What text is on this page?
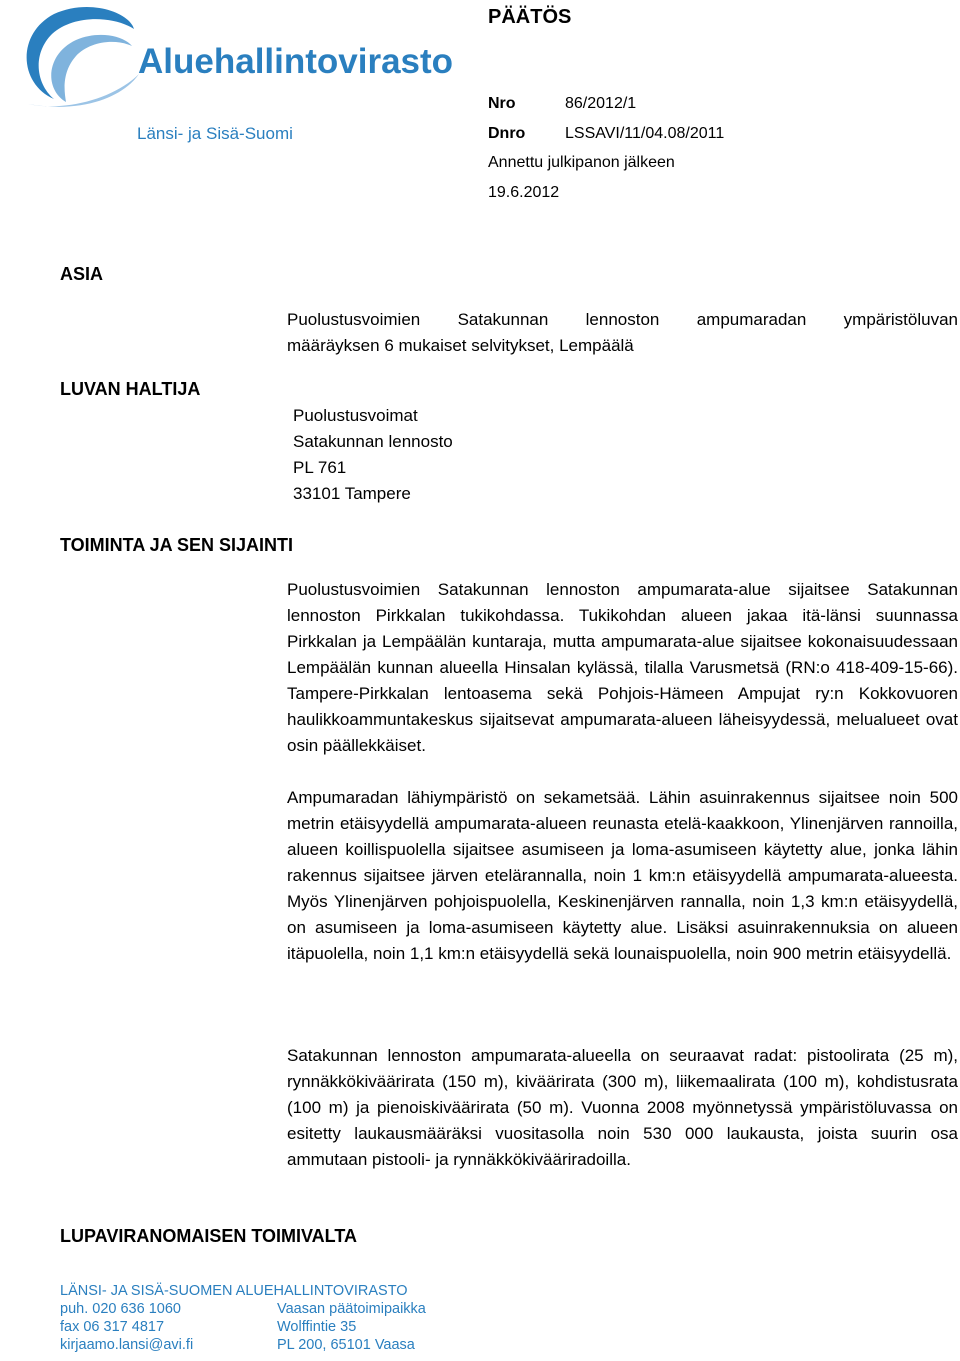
Aluehallintovirasto
Länsi- ja Sisä-Suomi
PÄÄTÖS
Nro	86/2012/1
Dnro LSSAVI/11/04.08/2011
Annettu julkipanon jälkeen
19.6.2012
ASIA
Puolustusvoimien Satakunnan lennoston ampumaradan ympäristöluvan
määräyksen 6 mukaiset selvitykset, Lempäälä
LUVAN HALTIJA
Puolustusvoimat
Satakunnan lennosto
PL 761
33101 Tampere
TOIMINTA JA SEN SIJAINTI
Puolustusvoimien Satakunnan lennoston ampumarata-alue sijaitsee Satakunnan lennoston Pirkkalan tukikohdassa. Tukikohdan alueen jakaa itä-länsi suunnassa Pirkkalan ja Lempäälän kuntaraja, mutta ampumarata-alue sijaitsee kokonaisuudessaan Lempäälän kunnan alueella Hinsalan kylässä, tilalla Varusmetsä (RN:o 418-409-15-66). Tampere-Pirkkalan lentoasema sekä Pohjois-Hämeen Ampujat ry:n Kokkovuoren haulikkoammuntakeskus sijaitsevat ampumarata-alueen läheisyydessä, melualueet ovat osin päällekkäiset.
Ampumaradan lähiympäristö on sekametsää. Lähin asuinrakennus sijaitsee noin 500 metrin etäisyydellä ampumarata-alueen reunasta etelä-kaakkoon, Ylinenjärven rannoilla, alueen koillispuolella sijaitsee asumiseen ja loma-asumiseen käytetty alue, jonka lähin rakennus sijaitsee järven etelärannalla, noin 1 km:n etäisyydellä ampumarata-alueesta. Myös Ylinenjärven pohjoispuolella, Keskinenjärven rannalla, noin 1,3 km:n etäisyydellä, on asumiseen ja loma-asumiseen käytetty alue. Lisäksi asuinrakennuksia on alueen itäpuolella, noin 1,1 km:n etäisyydellä sekä lounaispuolella, noin 900 metrin etäisyydellä.
Satakunnan lennoston ampumarata-alueella on seuraavat radat: pistoolirata (25 m), rynnäkkökiväärirata (150 m), kiväärirata (300 m), liikemaalirata (100 m), kohdistusrata (100 m) ja pienoiskiväärirata (50 m). Vuonna 2008 myönnetyssä ympäristöluvassa on esitetty laukausmääräksi vuositasolla noin 530 000 laukausta, joista suurin osa ammutaan pistooli- ja rynnäkkökivääriradoilla.
LUPAVIRANOMAISEN TOIMIVALTA
LÄNSI- JA SISÄ-SUOMEN ALUEHALLINTOVIRASTO
puh. 020 636 1060
fax 06 317 4817
kirjaamo.lansi@avi.fi
Vaasan päätoimipaikka
Wolffintie 35
PL 200, 65101 Vaasa
